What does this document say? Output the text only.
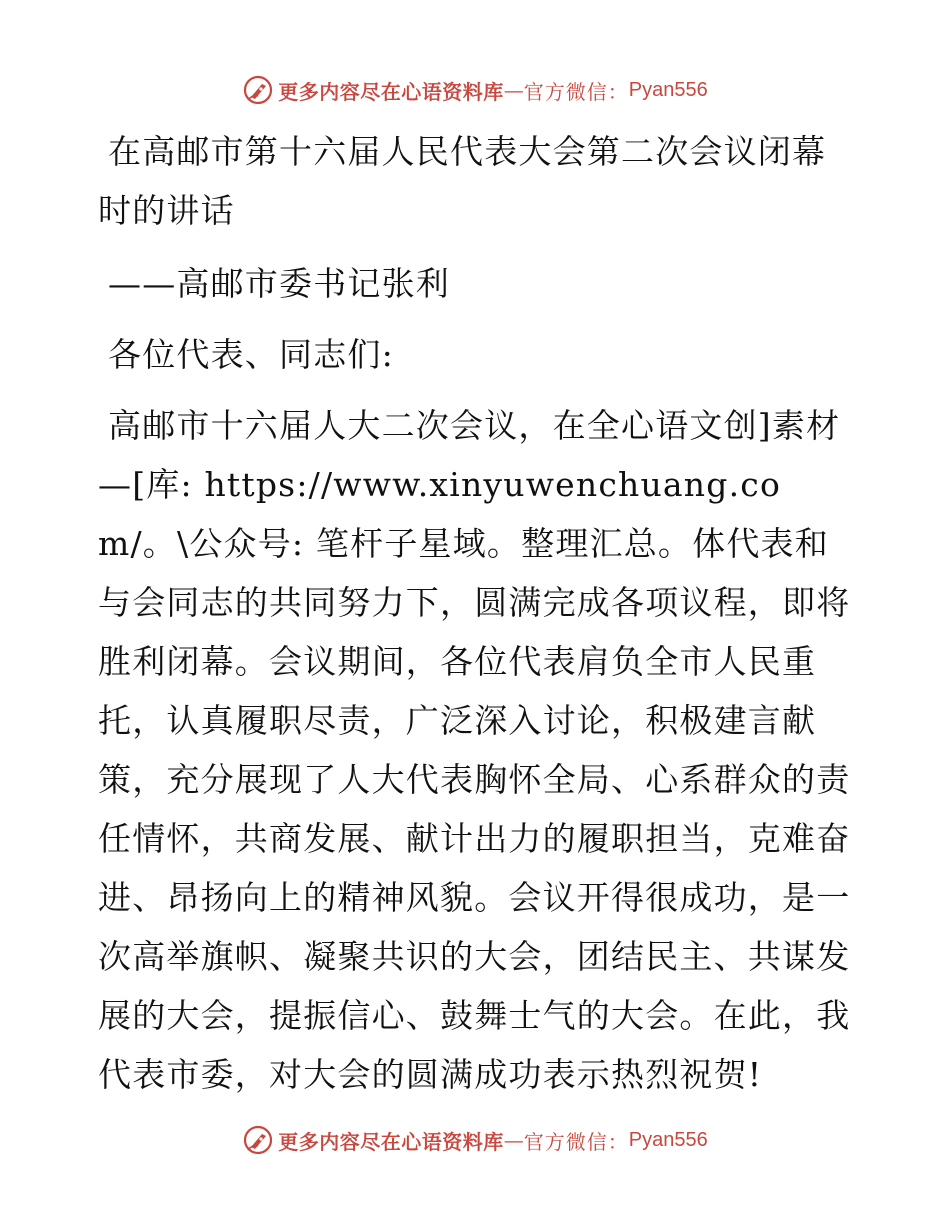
更多内容尽在心语资料库 — 官方微信： Pyan556

在高邮市第十六届人民代表大会第二次会议闭幕时的讲话

——高邮市委书记张利

各位代表、同志们:

高邮市十六届人大二次会议，在全心语文创]素材—[库: https://www.xinyuwenchuang.com/。\公众号: 笔杆子星域。整理汇总。体代表和与会同志的共同努力下，圆满完成各项议程，即将胜利闭幕。会议期间，各位代表肩负全市人民重托，认真履职尽责，广泛深入讨论，积极建言献策，充分展现了人大代表胸怀全局、心系群众的责任情怀，共商发展、献计出力的履职担当，克难奋进、昂扬向上的精神风貌。会议开得很成功，是一次高举旗帜、凝聚共识的大会，团结民主、共谋发展的大会，提振信心、鼓舞士气的大会。在此，我代表市委，对大会的圆满成功表示热烈祝贺!

更多内容尽在心语资料库 — 官方微信： Pyan556
